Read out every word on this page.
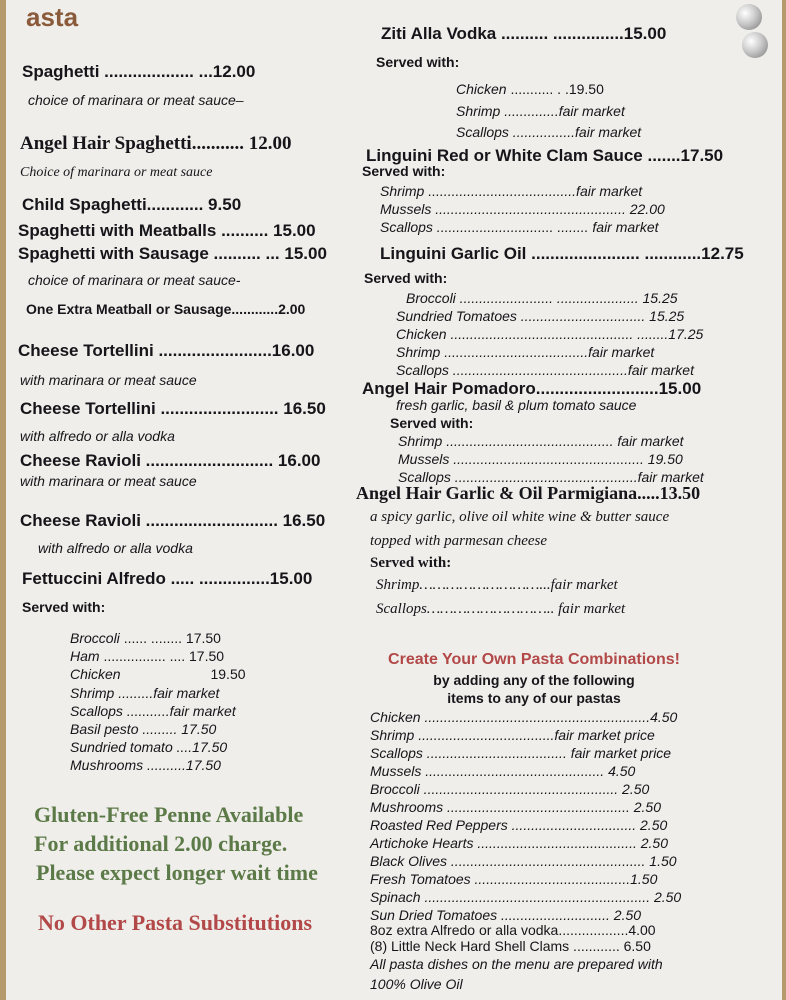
asta
Spaghetti ................... ...12.00
choice of marinara or meat sauce–
Angel Hair Spaghetti........... 12.00
Choice of marinara or meat sauce
Child Spaghetti............ 9.50
Spaghetti with Meatballs .......... 15.00
Spaghetti with Sausage .......... ... 15.00
choice of marinara or meat sauce-
One Extra Meatball or Sausage............2.00
Cheese Tortellini ........................16.00
with marinara or meat sauce
Cheese Tortellini ......................... 16.50
with alfredo or alla vodka
Cheese Ravioli ........................... 16.00
with marinara or meat sauce
Cheese Ravioli ............................ 16.50
with alfredo or alla vodka
Fettuccini Alfredo ..... ...............15.00
Served with:
Broccoli ...... ........ 17.50
Ham ................ .... 17.50
Chicken	19.50
Shrimp .........fair market
Scallops ...........fair market
Basil pesto ......... 17.50
Sundried tomato ....17.50
Mushrooms ..........17.50
Gluten-Free Penne Available
For additional 2.00 charge.
Please expect longer wait time
No Other Pasta Substitutions
Ziti Alla Vodka .......... ...............15.00
Served with:
Chicken ........... . .19.50
Shrimp ..............fair market
Scallops ................fair market
Linguini Red or White Clam Sauce .......17.50
Served with:
Shrimp ......................................fair market
Mussels ................................................. 22.00
Scallops .............................. ........ fair market
Linguini Garlic Oil ....................... ............12.75
Served with:
Broccoli ........................ ..................... 15.25
Sundried Tomatoes ................................ 15.25
Chicken ............................................... ........17.25
Shrimp .....................................fair market
Scallops .............................................fair market
Angel Hair Pomadoro..........................15.00
fresh garlic, basil & plum tomato sauce
Served with:
Shrimp ........................................... fair market
Mussels ................................................. 19.50
Scallops ...............................................fair market
Angel Hair Garlic & Oil Parmigiana.....13.50
a spicy garlic, olive oil white wine & butter sauce
topped with parmesan cheese
Served with:
Shrimp………………………...fair market
Scallops……………………….. fair market
Create Your Own Pasta Combinations!
by adding any of the following
items to any of our pastas
Chicken ..........................................................4.50
Shrimp ...................................fair market price
Scallops .................................... fair market price
Mussels .............................................. 4.50
Broccoli .................................................. 2.50
Mushrooms ............................................... 2.50
Roasted Red Peppers ................................ 2.50
Artichoke Hearts ......................................... 2.50
Black Olives .................................................. 1.50
Fresh Tomatoes ........................................1.50
Spinach .......................................................... 2.50
Sun Dried Tomatoes ............................ 2.50
8oz extra Alfredo or alla vodka..................4.00
(8) Little Neck Hard Shell Clams ............ 6.50
All pasta dishes on the menu are prepared with
100% Olive Oil
